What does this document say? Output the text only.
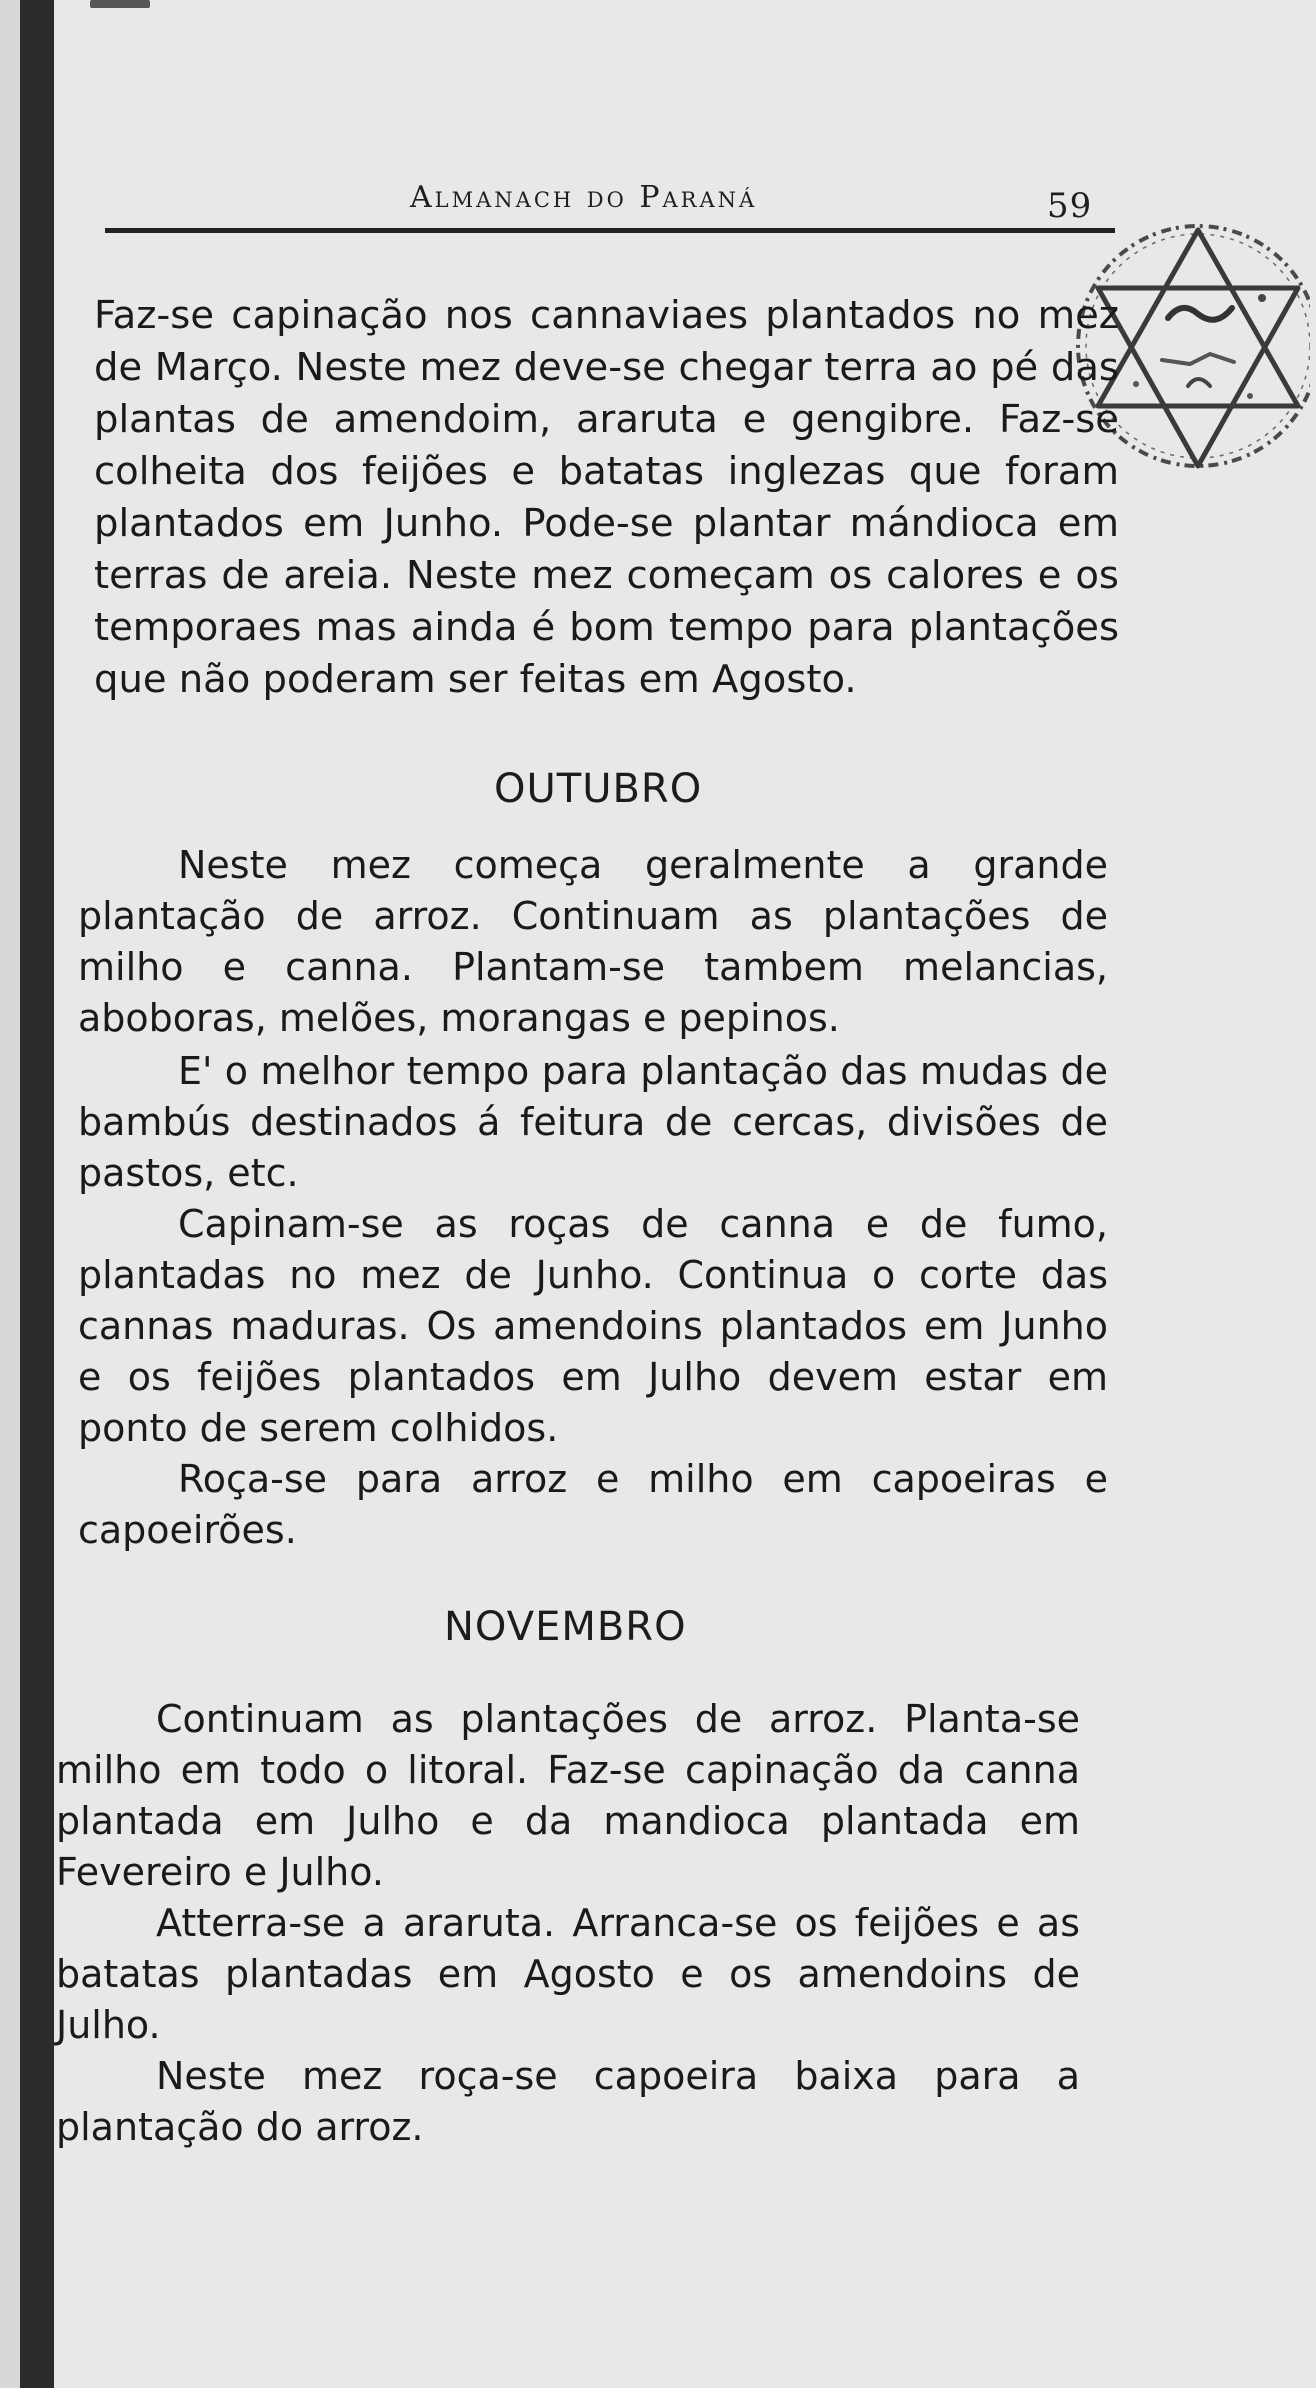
Almanach do Paraná	59

Faz-se capinação nos cannaviaes plantados no mez de Março. Neste mez deve-se chegar terra ao pé das plantas de amendoim, araruta e gengibre. Faz-se colheita dos feijões e batatas inglezas que foram plantados em Junho. Pode-se plantar mándioca em terras de areia. Neste mez começam os calores e os temporaes mas ainda é bom tempo para plantações que não poderam ser feitas em Agosto.

OUTUBRO

Neste mez começa geralmente a grande plantação de arroz. Continuam as plantações de milho e canna. Plantam-se tambem melancias, aboboras, melões, morangas e pepinos.

E' o melhor tempo para plantação das mudas de bambús destinados á feitura de cercas, divisões de pastos, etc.

Capinam-se as roças de canna e de fumo, plantadas no mez de Junho. Continua o corte das cannas maduras. Os amendoins plantados em Junho e os feijões plantados em Julho devem estar em ponto de serem colhidos.

Roça-se para arroz e milho em capoeiras e capoeirões.

NOVEMBRO

Continuam as plantações de arroz. Planta-se milho em todo o litoral. Faz-se capinação da canna plantada em Julho e da mandioca plantada em Fevereiro e Julho.

Atterra-se a araruta. Arranca-se os feijões e as batatas plantadas em Agosto e os amendoins de Julho.

Neste mez roça-se capoeira baixa para a plantação do arroz.
